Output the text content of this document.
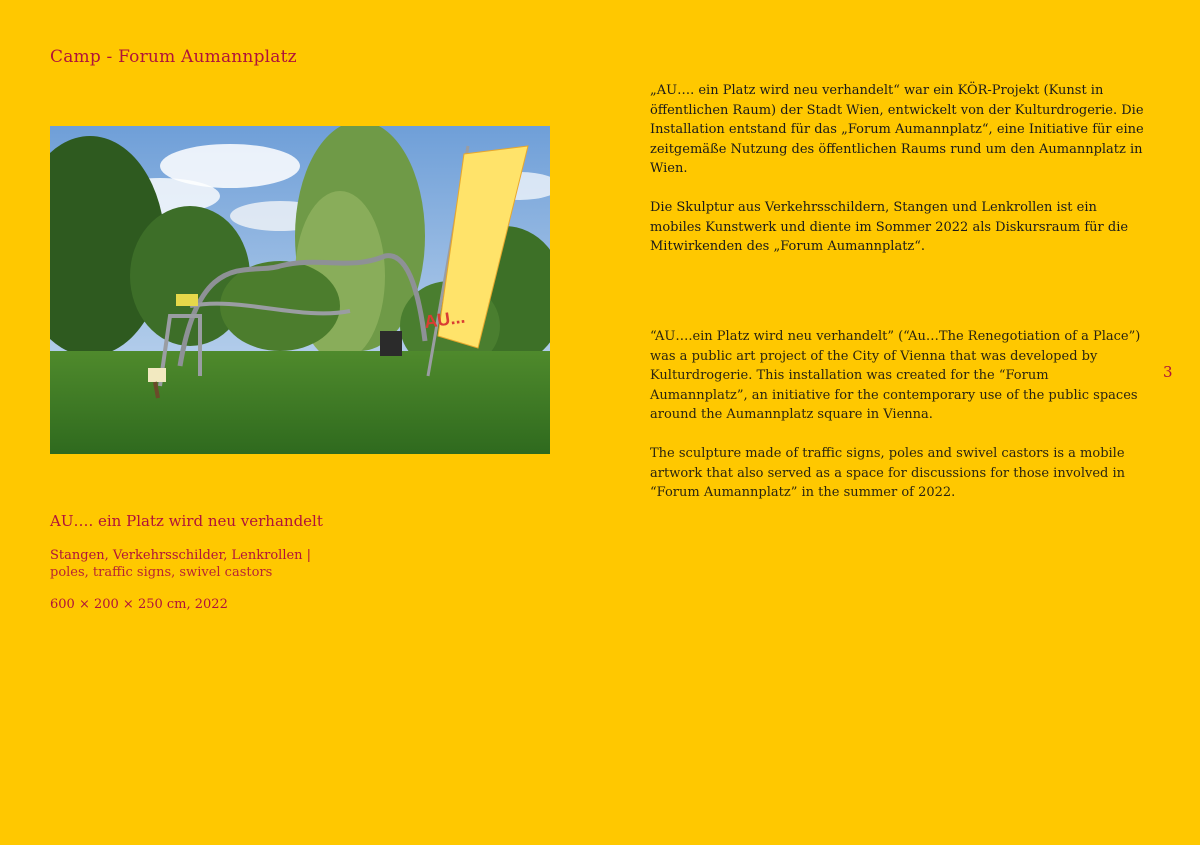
Camp - Forum Aumannplatz
AU...
AU…. ein Platz wird neu verhandelt
Stangen, Verkehrsschilder, Lenkrollen |
poles, traffic signs, swivel castors
600 × 200 × 250 cm, 2022

„AU…. ein Platz wird neu verhandelt“ war ein KÖR-Projekt (Kunst in öffentlichen Raum) der Stadt Wien, entwickelt von der Kulturdrogerie. Die Installation entstand für das „Forum Aumannplatz“, eine Initiative für eine zeitgemäße Nutzung des öffentlichen Raums rund um den Aumannplatz in Wien.

Die Skulptur aus Verkehrsschildern, Stangen und Lenkrollen ist ein mobiles Kunstwerk und diente im Sommer 2022 als Diskursraum für die Mitwirkenden des „Forum Aumannplatz“.

“AU….ein Platz wird neu verhandelt” (“Au…The Renegotiation of a Place”) was a public art project of the City of Vienna that was developed by Kulturdrogerie. This installation was created for the “Forum Aumannplatz”, an initiative for the contemporary use of the public spaces around the Aumannplatz square in Vienna.

The sculpture made of traffic signs, poles and swivel castors is a mobile artwork that also served as a space for discussions for those involved in “Forum Aumannplatz” in the summer of 2022.

3
